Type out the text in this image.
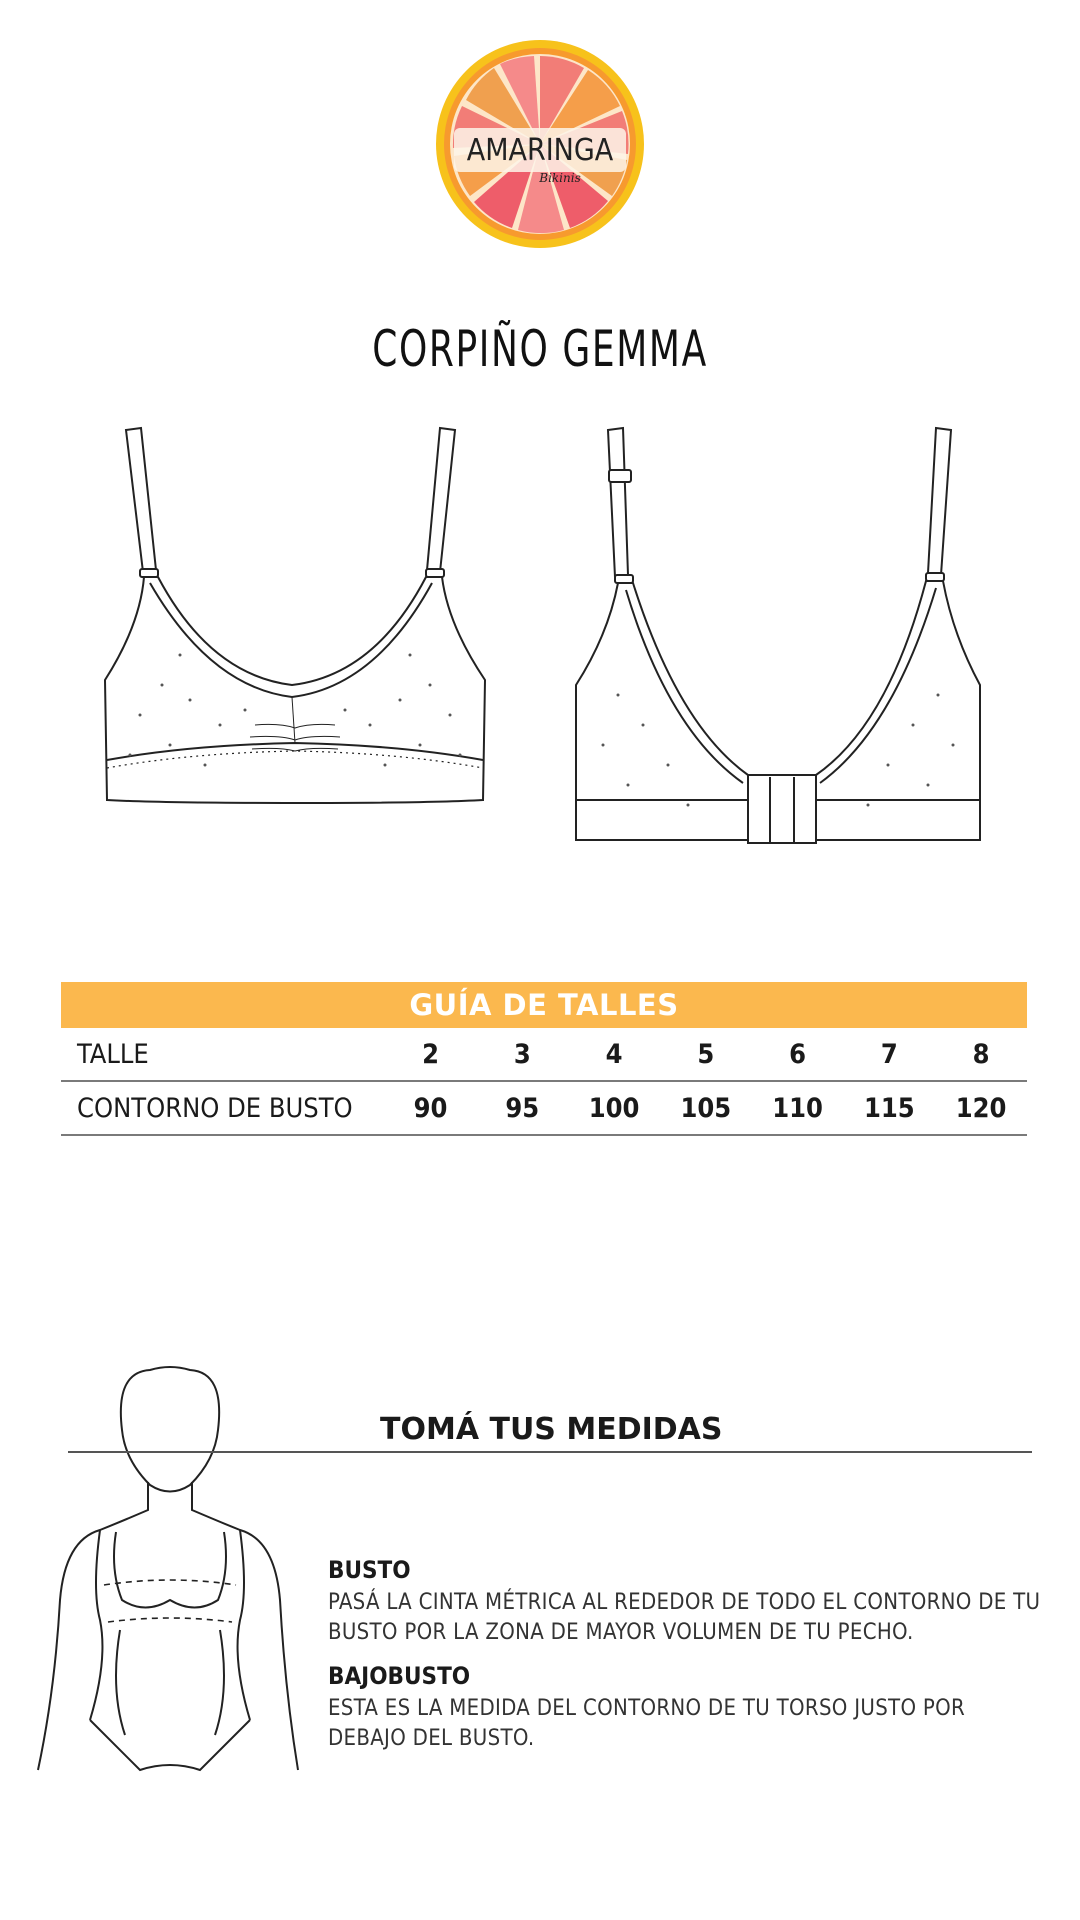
AMARINGA
Bikinis
CORPIÑO GEMMA
GUÍA DE TALLES
TALLE	2	3	4	5	6	7	8
CONTORNO DE BUSTO	90	95	100	105	110	115	120
TOMÁ TUS MEDIDAS
BUSTO
PASÁ LA CINTA MÉTRICA AL REDEDOR DE TODO EL CONTORNO DE TU BUSTO POR LA ZONA DE MAYOR VOLUMEN DE TU PECHO.
BAJOBUSTO
ESTA ES LA MEDIDA DEL CONTORNO DE TU TORSO JUSTO POR DEBAJO DEL BUSTO.
